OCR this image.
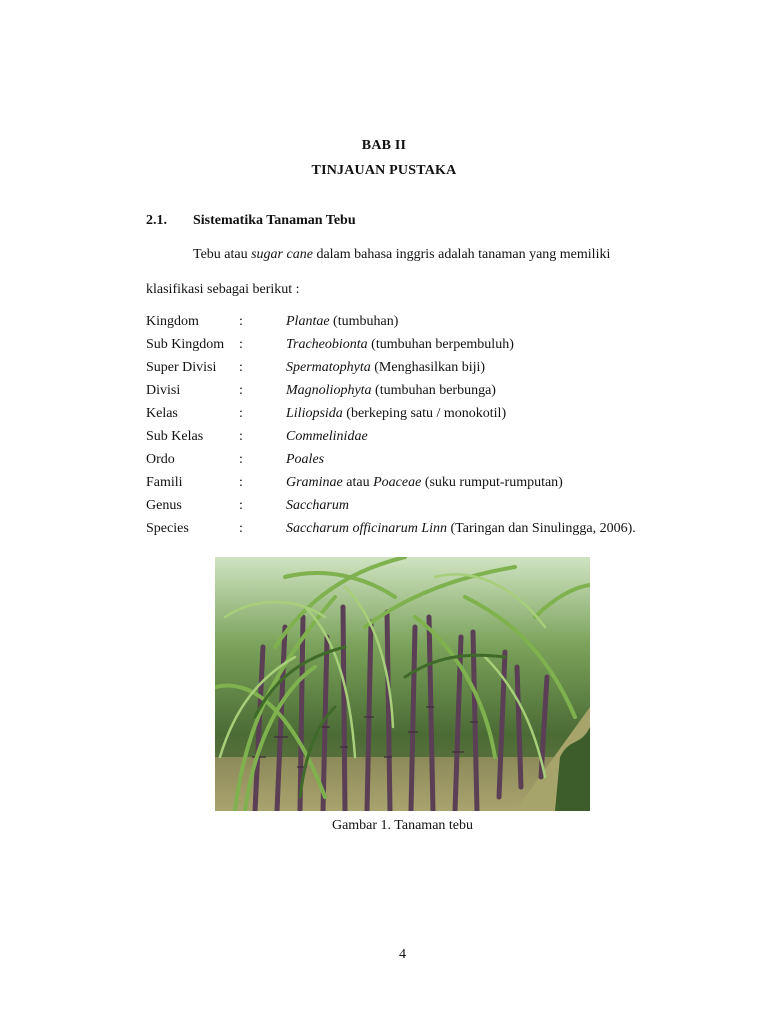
BAB II
TINJAUAN PUSTAKA
2.1. Sistematika Tanaman Tebu
Tebu atau sugar cane dalam bahasa inggris adalah tanaman yang memiliki
klasifikasi sebagai berikut :
Kingdom	:	Plantae (tumbuhan)
Sub Kingdom :	Tracheobionta (tumbuhan berpembuluh)
Super Divisi :	Spermatophyta (Menghasilkan biji)
Divisi	:	Magnoliophyta (tumbuhan berbunga)
Kelas	:	Liliopsida (berkeping satu / monokotil)
Sub Kelas	:	Commelinidae
Ordo	:	Poales
Famili	:	Graminae atau Poaceae (suku rumput-rumputan)
Genus	:	Saccharum
Species	:	Saccharum officinarum Linn (Taringan dan Sinulingga, 2006).
Gambar 1. Tanaman tebu
4
